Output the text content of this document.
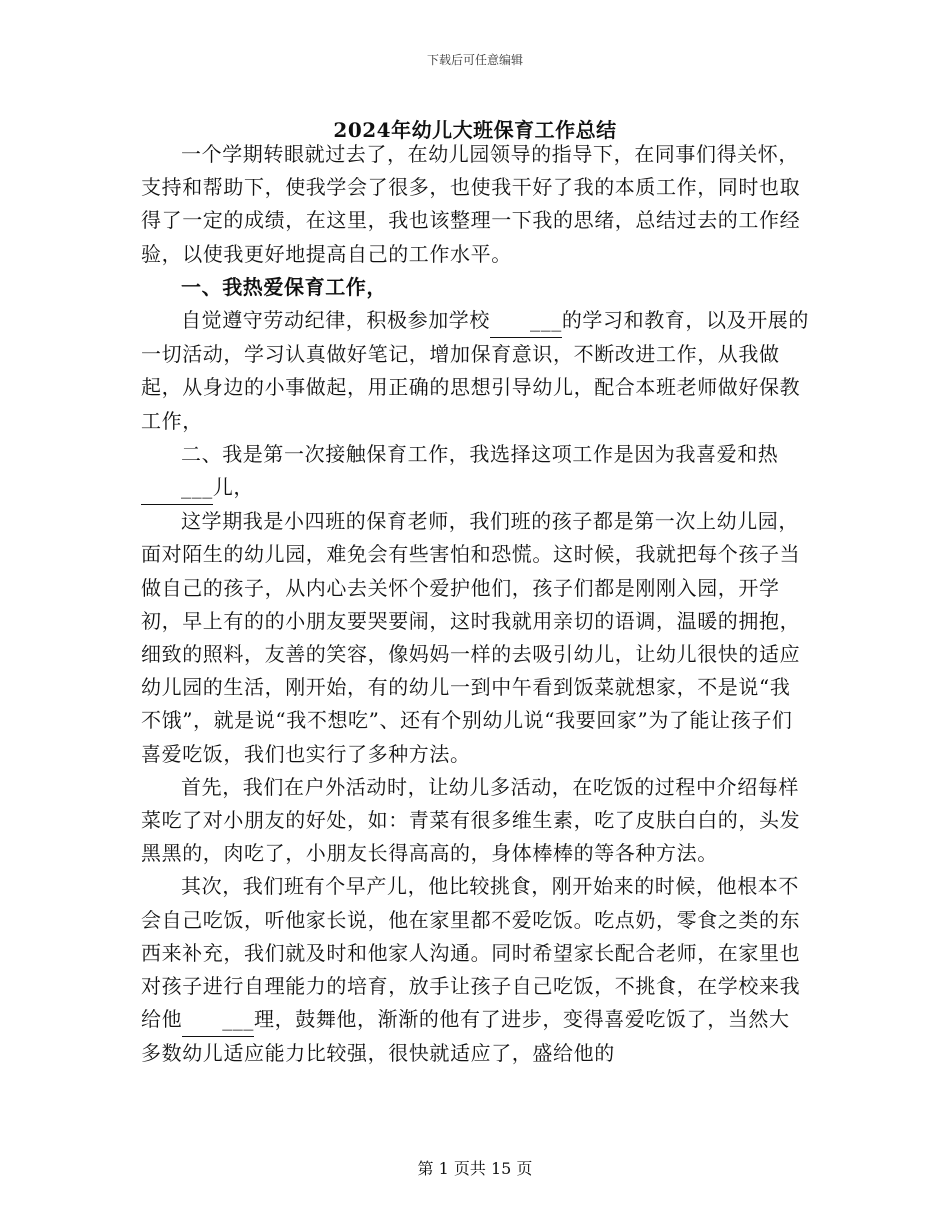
下载后可任意编辑
2024年幼儿大班保育工作总结

一个学期转眼就过去了，在幼儿园领导的指导下，在同事们得关怀，支持和帮助下，使我学会了很多，也使我干好了我的本质工作，同时也取得了一定的成绩，在这里，我也该整理一下我的思绪，总结过去的工作经验，以使我更好地提高自己的工作水平。

一、我热爱保育工作，

自觉遵守劳动纪律，积极参加学校 ___的学习和教育，以及开展的一切活动，学习认真做好笔记，增加保育意识，不断改进工作，从我做起，从身边的小事做起，用正确的思想引导幼儿，配合本班老师做好保教工作，

二、我是第一次接触保育工作，我选择这项工作是因为我喜爱和热___儿，

这学期我是小四班的保育老师，我们班的孩子都是第一次上幼儿园，面对陌生的幼儿园，难免会有些害怕和恐慌。这时候，我就把每个孩子当做自己的孩子，从内心去关怀个爱护他们，孩子们都是刚刚入园，开学初，早上有的的小朋友要哭要闹，这时我就用亲切的语调，温暖的拥抱，细致的照料，友善的笑容，像妈妈一样的去吸引幼儿，让幼儿很快的适应幼儿园的生活，刚开始，有的幼儿一到中午看到饭菜就想家，不是说“我不饿”，就是说“我不想吃”、还有个别幼儿说“我要回家”为了能让孩子们喜爱吃饭，我们也实行了多种方法。

首先，我们在户外活动时，让幼儿多活动，在吃饭的过程中介绍每样菜吃了对小朋友的好处，如：青菜有很多维生素，吃了皮肤白白的，头发黑黑的，肉吃了，小朋友长得高高的，身体棒棒的等各种方法。

其次，我们班有个早产儿，他比较挑食，刚开始来的时候，他根本不会自己吃饭，听他家长说，他在家里都不爱吃饭。吃点奶，零食之类的东西来补充，我们就及时和他家人沟通。同时希望家长配合老师，在家里也对孩子进行自理能力的培育，放手让孩子自己吃饭，不挑食，在学校来我给他 ___理，鼓舞他，渐渐的他有了进步，变得喜爱吃饭了，当然大多数幼儿适应能力比较强，很快就适应了，盛给他的

第 1 页共 15 页
